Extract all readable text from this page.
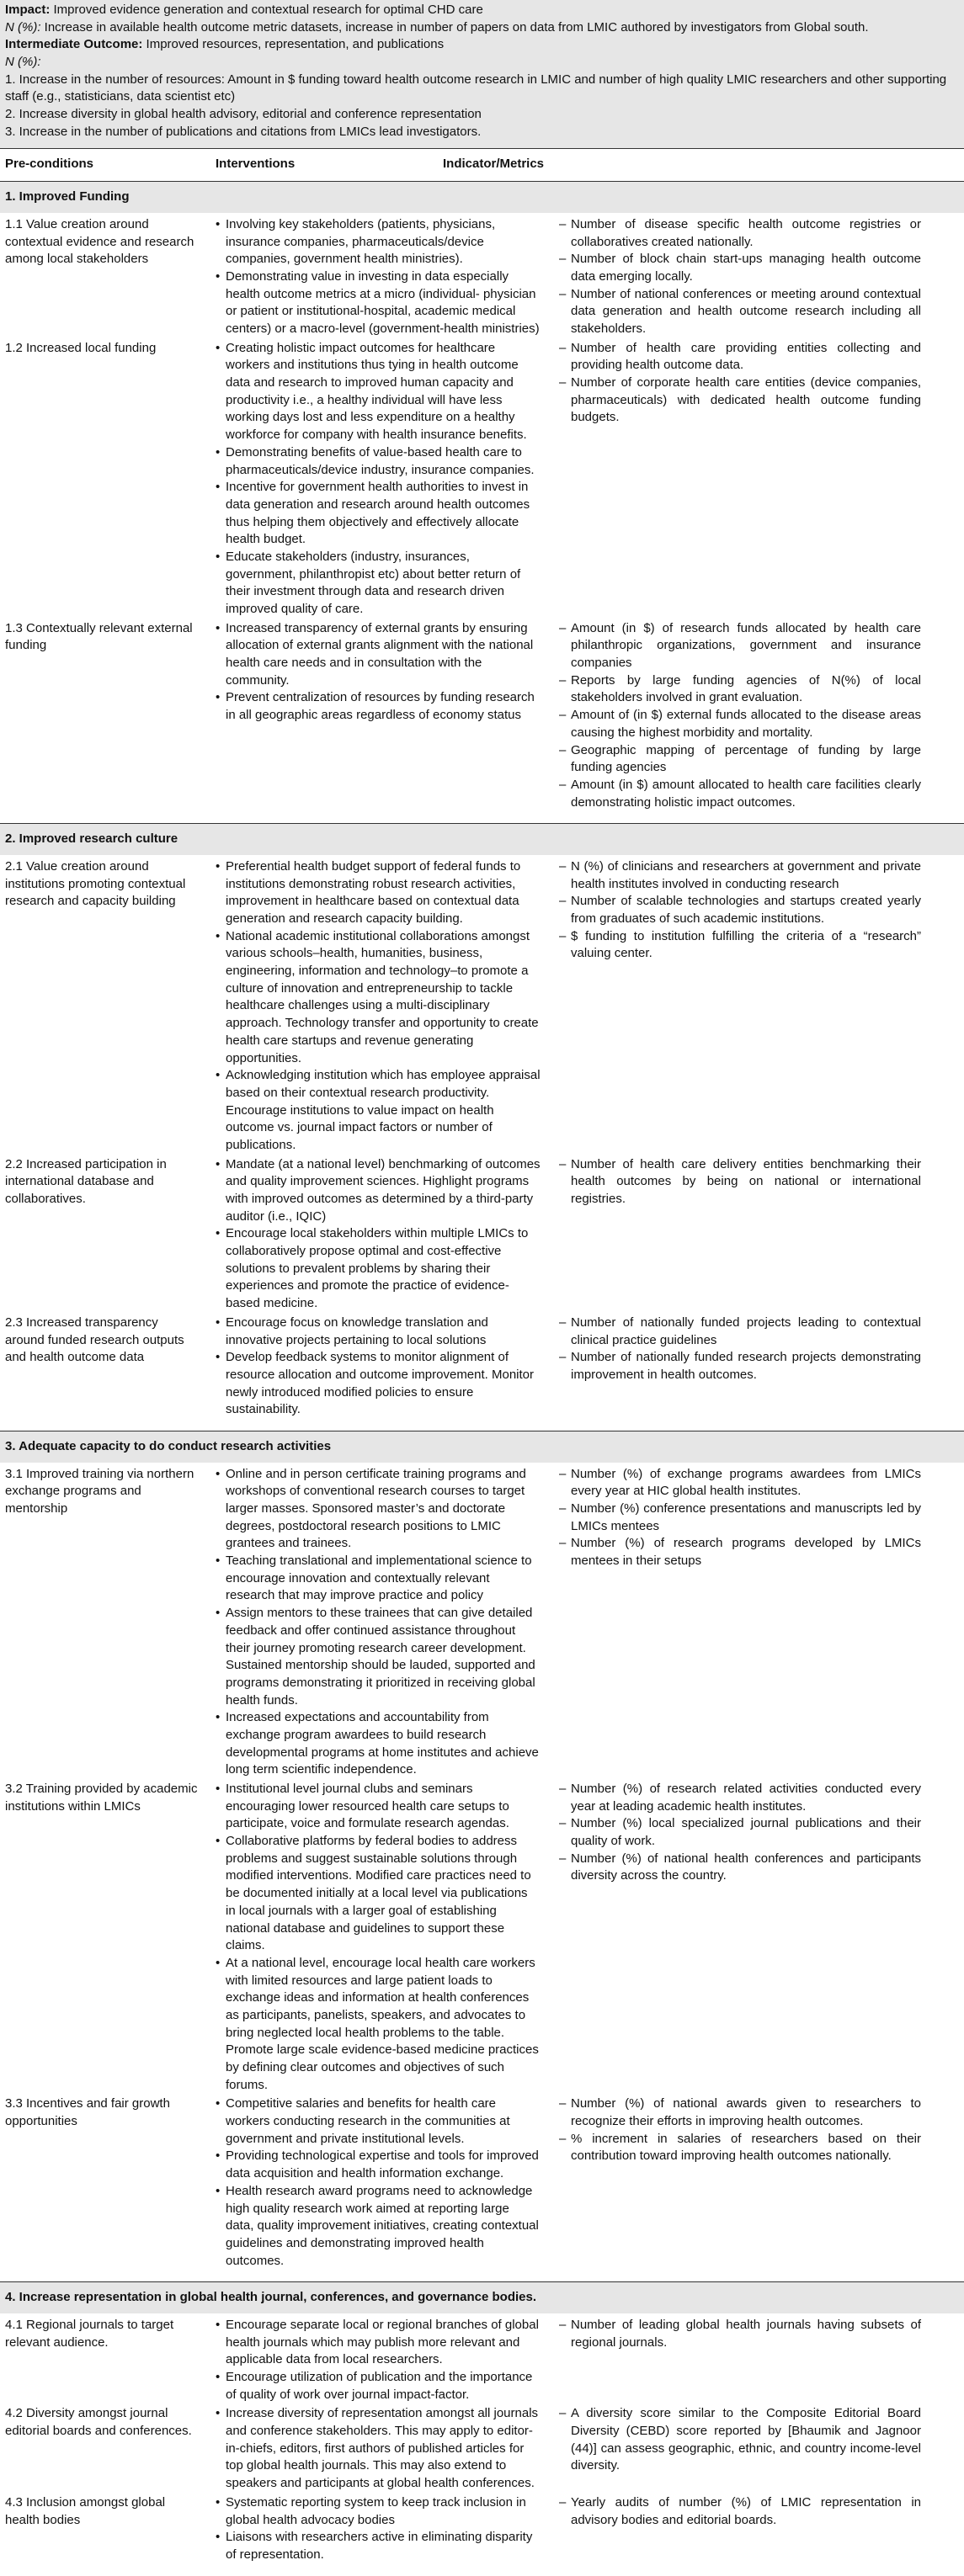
Impact: Improved evidence generation and contextual research for optimal CHD care

N (%): Increase in available health outcome metric datasets, increase in number of papers on data from LMIC authored by investigators from Global south.

Intermediate Outcome: Improved resources, representation, and publications

N (%):

1. Increase in the number of resources: Amount in $ funding toward health outcome research in LMIC and number of high quality LMIC researchers and other supporting staff (e.g., statisticians, data scientist etc)

2. Increase diversity in global health advisory, editorial and conference representation

3. Increase in the number of publications and citations from LMICs lead investigators.

Pre-conditions	Interventions	Indicator/Metrics
1. Improved Funding
1.1 Value creation around contextual evidence and research among local stakeholders
• Involving key stakeholders (patients, physicians, insurance companies, pharmaceuticals/device companies, government health ministries).
• Demonstrating value in investing in data especially health outcome metrics at a micro (individual- physician or patient or institutional-hospital, academic medical centers) or a macro-level (government-health ministries)
– Number of disease specific health outcome registries or collaboratives created nationally.
– Number of block chain start-ups managing health outcome data emerging locally.
– Number of national conferences or meeting around contextual data generation and health outcome research including all stakeholders.
1.2 Increased local funding
•	Creating holistic impact outcomes for healthcare workers and institutions thus tying in health outcome data and research to improved human capacity and productivity i.e., a healthy individual will have less working days lost and less expenditure on a healthy workforce for company with health insurance benefits.
• Demonstrating benefits of value-based health care to pharmaceuticals/device industry, insurance companies.
• Incentive for government health authorities to invest in data generation and research around health outcomes thus helping them objectively and effectively allocate health budget.
• Educate stakeholders (industry, insurances, government, philanthropist etc) about better return of their investment through data and research driven improved quality of care.
– Number of health care providing entities collecting and providing health outcome data.
– Number of corporate health care entities (device companies, pharmaceuticals) with dedicated health outcome funding budgets.
1.3 Contextually relevant external funding
• Increased transparency of external grants by ensuring allocation of external grants alignment with the national health care needs and in consultation with the community.
• Prevent centralization of resources by funding research in all geographic areas regardless of economy status
– Amount (in $) of research funds allocated by health care philanthropic organizations, government and insurance companies
– Reports by large funding agencies of N(%) of local stakeholders involved in grant evaluation.
– Amount of (in $) external funds allocated to the disease areas causing the highest morbidity and mortality.
– Geographic mapping of percentage of funding by large funding agencies
– Amount (in $) amount allocated to health care facilities clearly demonstrating holistic impact outcomes.
2. Improved research culture
2.1 Value creation around institutions promoting contextual research and capacity building
• Preferential health budget support of federal funds to institutions demonstrating robust research activities, improvement in healthcare based on contextual data generation and research capacity building.
• National academic institutional collaborations amongst various schools–health, humanities, business, engineering, information and technology–to promote a culture of innovation and entrepreneurship to tackle healthcare challenges using a multi-disciplinary approach. Technology transfer and opportunity to create health care startups and revenue generating opportunities.
• Acknowledging institution which has employee appraisal based on their contextual research productivity. Encourage institutions to value impact on health outcome vs. journal impact factors or number of publications.
– N (%) of clinicians and researchers at government and private health institutes involved in conducting research
– Number of scalable technologies and startups created yearly from graduates of such academic institutions.
– $ funding to institution fulfilling the criteria of a “research” valuing center.
2.2 Increased participation in international database and collaboratives.
• Mandate (at a national level) benchmarking of outcomes and quality improvement sciences. Highlight programs with improved outcomes as determined by a third-party auditor (i.e., IQIC)
• Encourage local stakeholders within multiple LMICs to collaboratively propose optimal and cost-effective solutions to prevalent problems by sharing their experiences and promote the practice of evidence-based medicine.
– Number of health care delivery entities benchmarking their health outcomes by being on national or international registries.
2.3 Increased transparency around funded research outputs and health outcome data
• Encourage focus on knowledge translation and innovative projects pertaining to local solutions
• Develop feedback systems to monitor alignment of resource allocation and outcome improvement. Monitor newly introduced modified policies to ensure sustainability.
– Number of nationally funded projects leading to contextual clinical practice guidelines
– Number of nationally funded research projects demonstrating improvement in health outcomes.
3. Adequate capacity to do conduct research activities
3.1 Improved training via northern exchange programs and mentorship
• Online and in person certificate training programs and workshops of conventional research courses to target larger masses. Sponsored master’s and doctorate degrees, postdoctoral research positions to LMIC grantees and trainees.
• Teaching translational and implementational science to encourage innovation and contextually relevant research that may improve practice and policy
• Assign mentors to these trainees that can give detailed feedback and offer continued assistance throughout their journey promoting research career development. Sustained mentorship should be lauded, supported and programs demonstrating it prioritized in receiving global health funds.
• Increased expectations and accountability from exchange program awardees to build research developmental programs at home institutes and achieve long term scientific independence.
– Number (%) of exchange programs awardees from LMICs every year at HIC global health institutes.
– Number (%) conference presentations and manuscripts led by LMICs mentees
– Number (%) of research programs developed by LMICs mentees in their setups
3.2 Training provided by academic institutions within LMICs
• Institutional level journal clubs and seminars encouraging lower resourced health care setups to participate, voice and formulate research agendas.
• Collaborative platforms by federal bodies to address problems and suggest sustainable solutions through modified interventions. Modified care practices need to be documented initially at a local level via publications in local journals with a larger goal of establishing national database and guidelines to support these claims.
• At a national level, encourage local health care workers with limited resources and large patient loads to exchange ideas and information at health conferences as participants, panelists, speakers, and advocates to bring neglected local health problems to the table. Promote large scale evidence-based medicine practices by defining clear outcomes and objectives of such forums.
– Number (%) of research related activities conducted every year at leading academic health institutes.
– Number (%) local specialized journal publications and their quality of work.
– Number (%) of national health conferences and participants diversity across the country.
3.3 Incentives and fair growth opportunities
• Competitive salaries and benefits for health care workers conducting research in the communities at government and private institutional levels.
• Providing technological expertise and tools for improved data acquisition and health information exchange.
• Health research award programs need to acknowledge high quality research work aimed at reporting large data, quality improvement initiatives, creating contextual guidelines and demonstrating improved health outcomes.
– Number (%) of national awards given to researchers to recognize their efforts in improving health outcomes.
– % increment in salaries of researchers based on their contribution toward improving health outcomes nationally.
4. Increase representation in global health journal, conferences, and governance bodies.
4.1 Regional journals to target relevant audience.
• Encourage separate local or regional branches of global health journals which may publish more relevant and applicable data from local researchers.
• Encourage utilization of publication and the importance of quality of work over journal impact-factor.
– Number of leading global health journals having subsets of regional journals.
4.2 Diversity amongst journal editorial boards and conferences.
• Increase diversity of representation amongst all journals and conference stakeholders. This may apply to editor-in-chiefs, editors, first authors of published articles for top global health journals. This may also extend to speakers and participants at global health conferences.
– A diversity score similar to the Composite Editorial Board Diversity (CEBD) score reported by [Bhaumik and Jagnoor (44)] can assess geographic, ethnic, and country income-level diversity.
4.3 Inclusion amongst global health bodies
• Systematic reporting system to keep track inclusion in global health advocacy bodies
• Liaisons with researchers active in eliminating disparity of representation.
– Yearly audits of number (%) of LMIC representation in advisory bodies and editorial boards.
